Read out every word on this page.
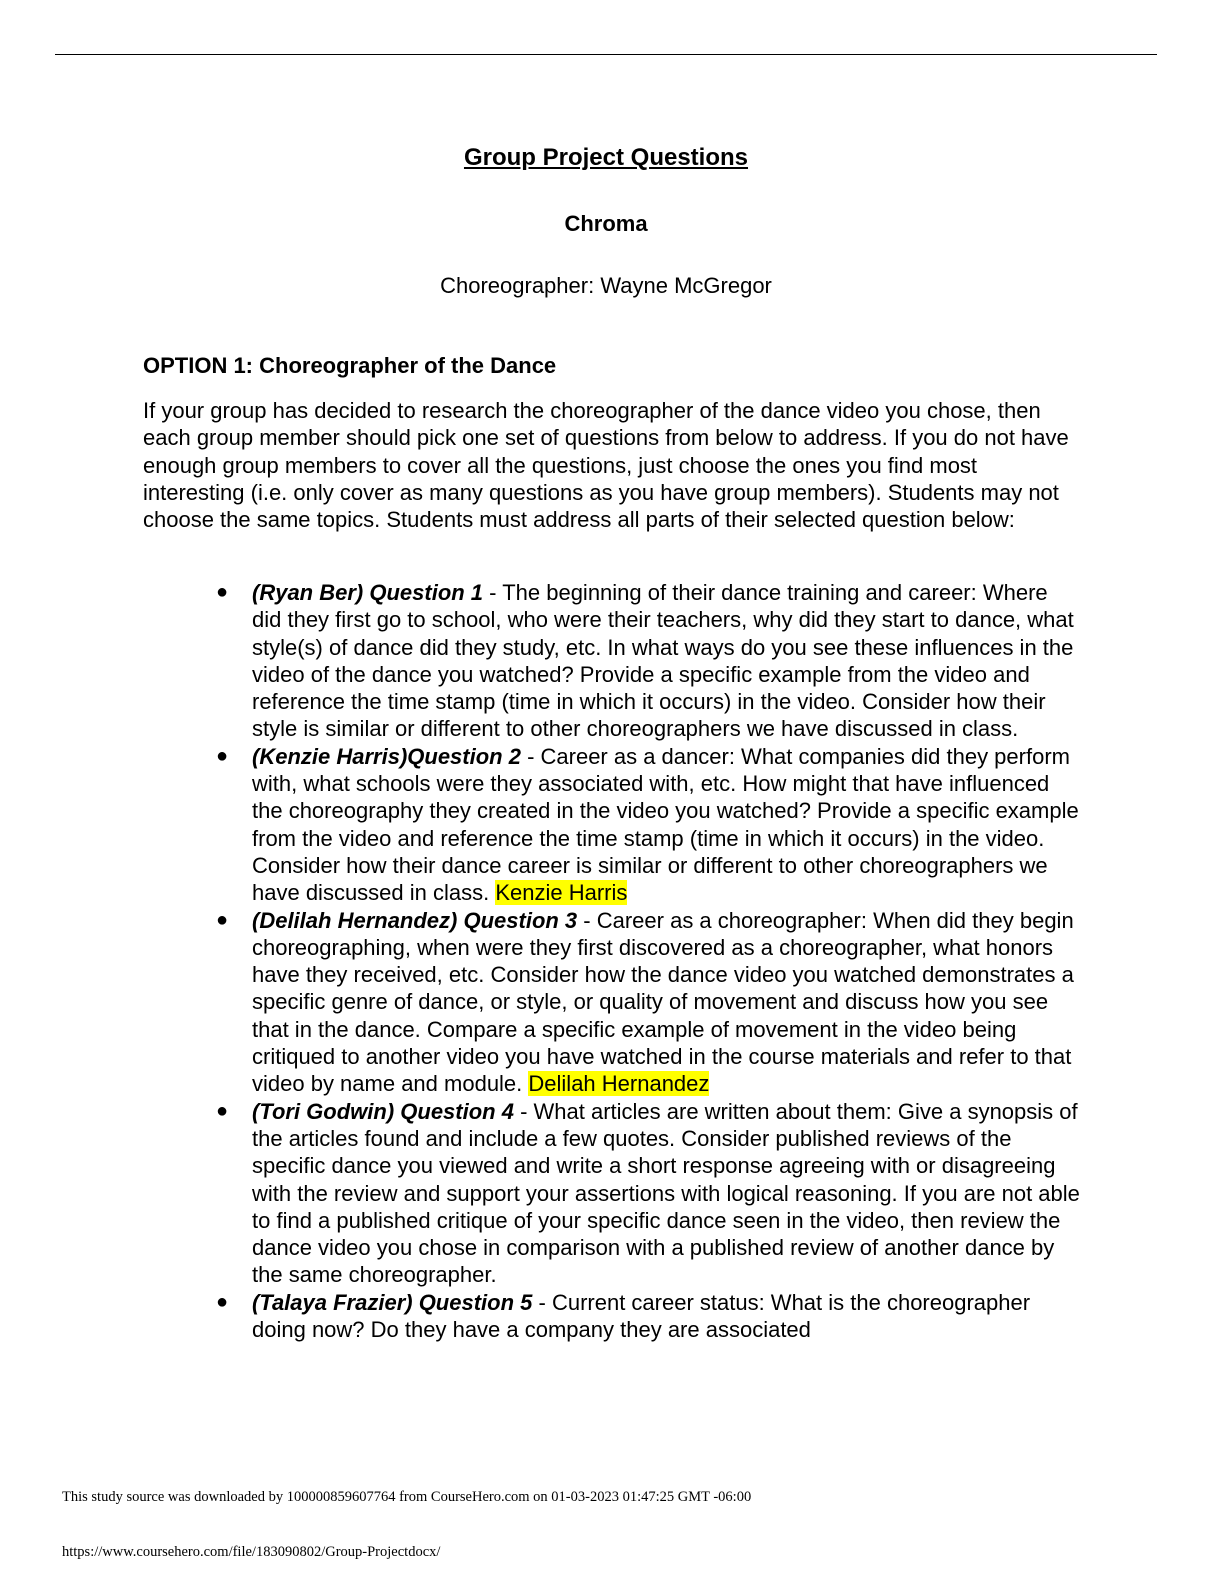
Group Project Questions
Chroma
Choreographer: Wayne McGregor
OPTION 1: Choreographer of the Dance

If your group has decided to research the choreographer of the dance video you chose, then each group member should pick one set of questions from below to address. If you do not have enough group members to cover all the questions, just choose the ones you find most interesting (i.e. only cover as many questions as you have group members). Students may not choose the same topics. Students must address all parts of their selected question below:

● (Ryan Ber) Question 1 - The beginning of their dance training and career: Where did they first go to school, who were their teachers, why did they start to dance, what style(s) of dance did they study, etc. In what ways do you see these influences in the video of the dance you watched? Provide a specific example from the video and reference the time stamp (time in which it occurs) in the video. Consider how their style is similar or different to other choreographers we have discussed in class.
● (Kenzie Harris)Question 2 - Career as a dancer: What companies did they perform with, what schools were they associated with, etc. How might that have influenced the choreography they created in the video you watched? Provide a specific example from the video and reference the time stamp (time in which it occurs) in the video. Consider how their dance career is similar or different to other choreographers we have discussed in class. Kenzie Harris
● (Delilah Hernandez) Question 3 - Career as a choreographer: When did they begin choreographing, when were they first discovered as a choreographer, what honors have they received, etc. Consider how the dance video you watched demonstrates a specific genre of dance, or style, or quality of movement and discuss how you see that in the dance. Compare a specific example of movement in the video being critiqued to another video you have watched in the course materials and refer to that video by name and module. Delilah Hernandez
● (Tori Godwin) Question 4 - What articles are written about them: Give a synopsis of the articles found and include a few quotes. Consider published reviews of the specific dance you viewed and write a short response agreeing with or disagreeing with the review and support your assertions with logical reasoning. If you are not able to find a published critique of your specific dance seen in the video, then review the dance video you chose in comparison with a published review of another dance by the same choreographer.
● (Talaya Frazier) Question 5 - Current career status: What is the choreographer doing now? Do they have a company they are associated
This study source was downloaded by 100000859607764 from CourseHero.com on 01-03-2023 01:47:25 GMT -06:00
https://www.coursehero.com/file/183090802/Group-Projectdocx/
